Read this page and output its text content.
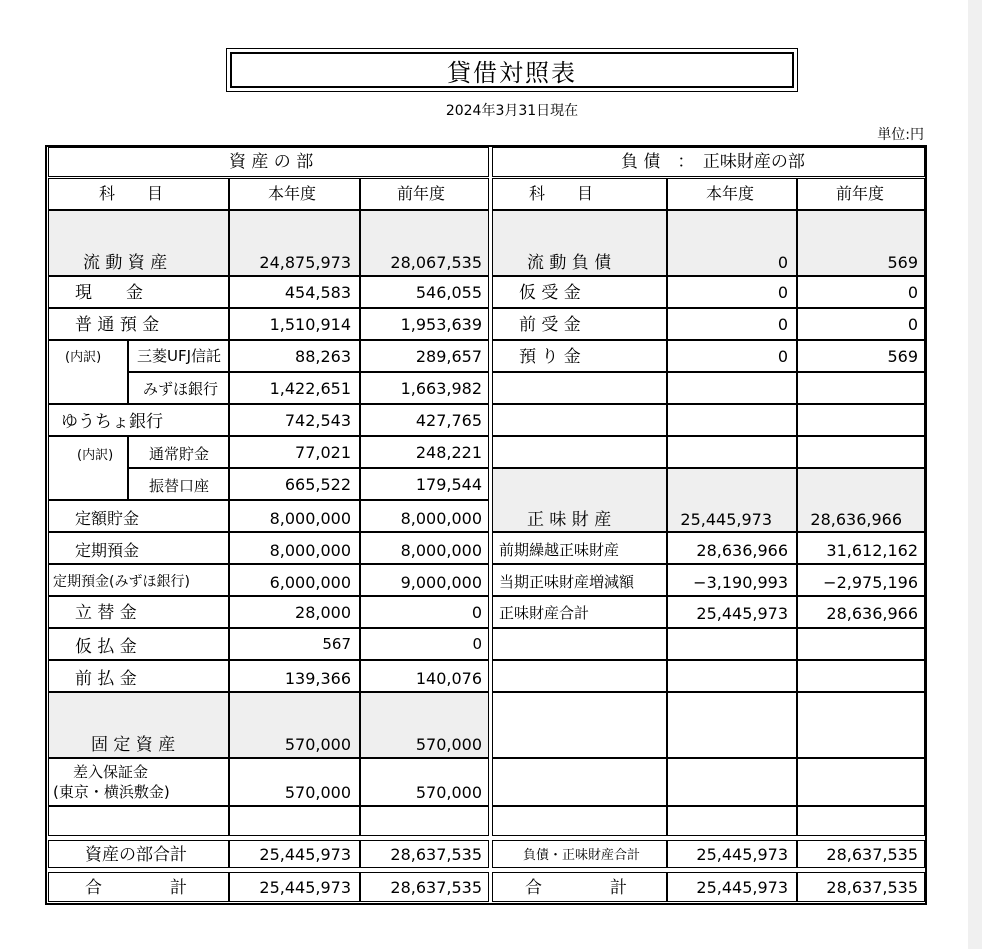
貸借対照表
2024年3月31日現在
単位:円
資 産 の 部
科　　目	本年度	前年度
流 動 資 産	24,875,973 28,067,535
現　　金	454,583	546,055
普 通 預 金	1,510,914	1,953,639
(内訳) 三菱UFJ信託	88,263	289,657
みずほ銀行	1,422,651	1,663,982
ゆうちょ銀行	742,543	427,765
(内訳) 通常貯金	77,021	248,221
振替口座	665,522	179,544
定額貯金	8,000,000	8,000,000
定期預金	8,000,000	8,000,000
定期預金(みずほ銀行)	6,000,000	9,000,000
立 替 金	28,000	0
仮 払 金	567	0
前 払 金	139,366	140,076
固 定 資 産	570,000	570,000
差入保証金
(東京・横浜敷金)	570,000	570,000
資産の部合計	25,445,973 28,637,535
合　　　　計	25,445,973 28,637,535
負 債　：　正味財産の部
科　　目	本年度	前年度
流 動 負 債	0	569
仮 受 金	0	0
前 受 金	0	0
預 り 金	0	569
正 味 財 産	25,445,973 28,636,966
前期繰越正味財産	28,636,966 31,612,162
当期正味財産増減額	−3,190,993 −2,975,196
正味財産合計	25,445,973 28,636,966
負債・正味財産合計	25,445,973 28,637,535
合　　　　計	25,445,973 28,637,535
